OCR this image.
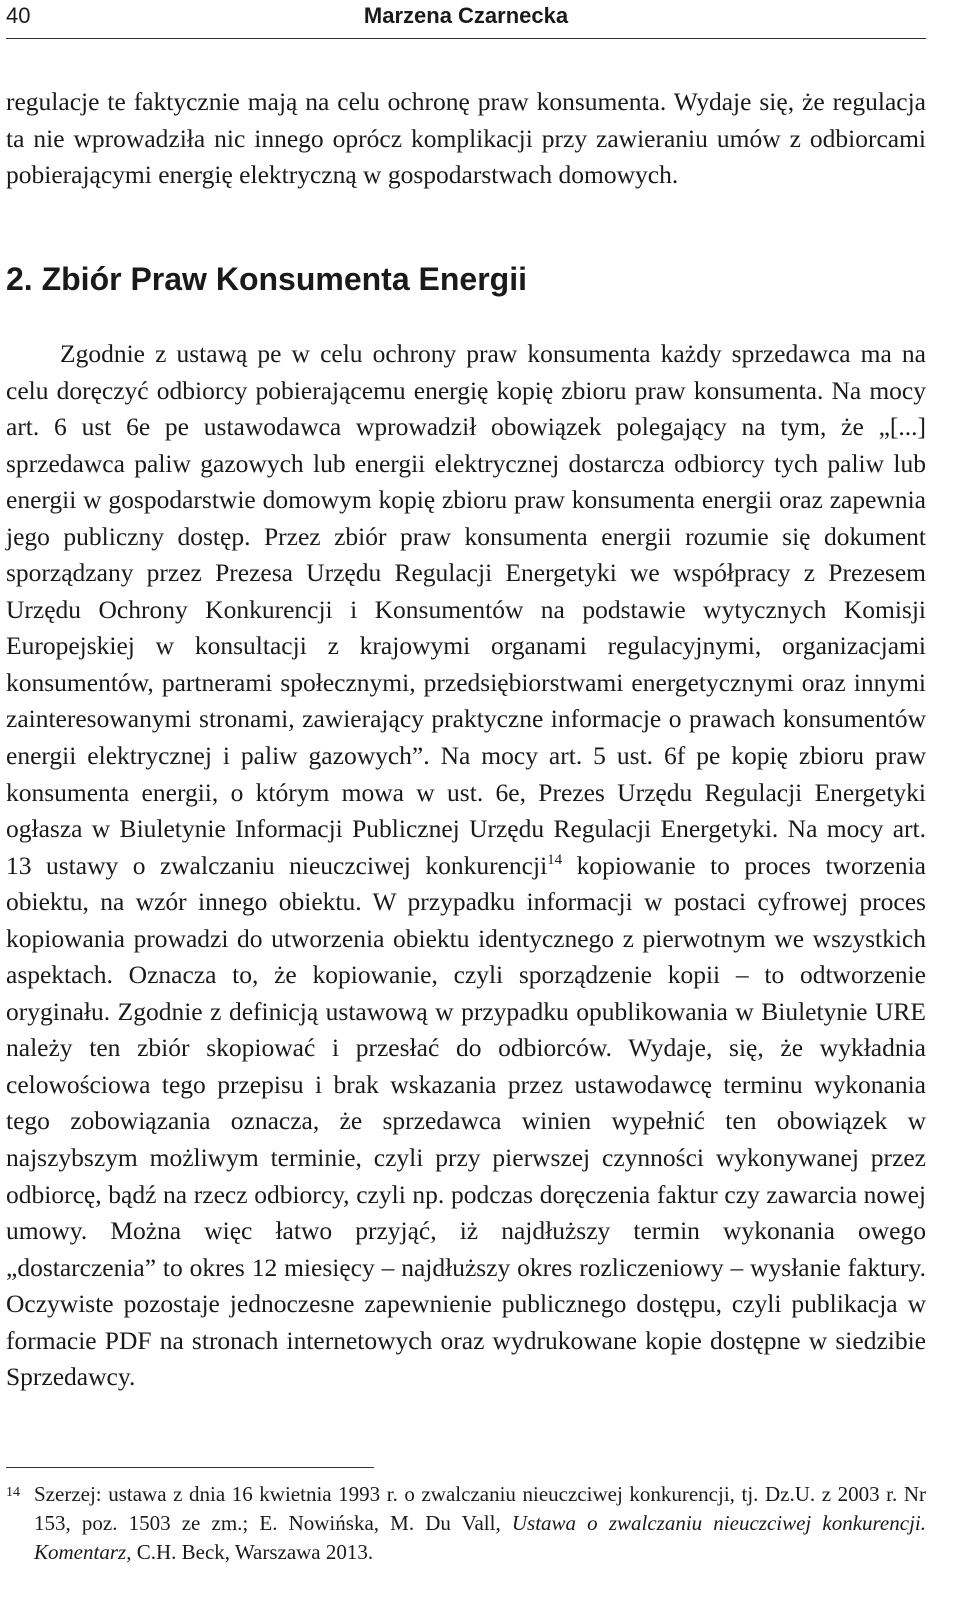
40	Marzena Czarnecka

regulacje te faktycznie mają na celu ochronę praw konsumenta. Wydaje się, że regulacja ta nie wprowadziła nic innego oprócz komplikacji przy zawieraniu umów z odbiorcami pobierającymi energię elektryczną w gospodarstwach domowych.

2. Zbiór Praw Konsumenta Energii

Zgodnie z ustawą pe w celu ochrony praw konsumenta każdy sprzedawca ma na celu doręczyć odbiorcy pobierającemu energię kopię zbioru praw konsumenta. Na mocy art. 6 ust 6e pe ustawodawca wprowadził obowiązek polegający na tym, że „[...] sprzedawca paliw gazowych lub energii elektrycznej dostarcza odbiorcy tych paliw lub energii w gospodarstwie domowym kopię zbioru praw konsumenta energii oraz zapewnia jego publiczny dostęp. Przez zbiór praw konsumenta energii rozumie się dokument sporządzany przez Prezesa Urzędu Regulacji Energetyki we współpracy z Prezesem Urzędu Ochrony Konkurencji i Konsumentów na podstawie wytycznych Komisji Europejskiej w konsultacji z krajowymi organami regulacyjnymi, organizacjami konsumentów, partnerami społecznymi, przedsiębiorstwami energetycznymi oraz innymi zainteresowanymi stronami, zawierający praktyczne informacje o prawach konsumentów energii elektrycznej i paliw gazowych”. Na mocy art. 5 ust. 6f pe kopię zbioru praw konsumenta energii, o którym mowa w ust. 6e, Prezes Urzędu Regulacji Energetyki ogłasza w Biuletynie Informacji Publicznej Urzędu Regulacji Energetyki. Na mocy art. 13 ustawy o zwalczaniu nieuczciwej konkurencji$^{14}$ kopiowanie to proces tworzenia obiektu, na wzór innego obiektu. W przypadku informacji w postaci cyfrowej proces kopiowania prowadzi do utworzenia obiektu identycznego z pierwotnym we wszystkich aspektach. Oznacza to, że kopiowanie, czyli sporządzenie kopii – to odtworzenie oryginału. Zgodnie z definicją ustawową w przypadku opublikowania w Biuletynie URE należy ten zbiór skopiować i przesłać do odbiorców. Wydaje, się, że wykładnia celowościowa tego przepisu i brak wskazania przez ustawodawcę terminu wykonania tego zobowiązania oznacza, że sprzedawca winien wypełnić ten obowiązek w najszybszym możliwym terminie, czyli przy pierwszej czynności wykonywanej przez odbiorcę, bądź na rzecz odbiorcy, czyli np. podczas doręczenia faktur czy zawarcia nowej umowy. Można więc łatwo przyjąć, iż najdłuższy termin wykonania owego „dostarczenia” to okres 12 miesięcy – najdłuższy okres rozliczeniowy – wysłanie faktury. Oczywiste pozostaje jednoczesne zapewnienie publicznego dostępu, czyli publikacja w formacie PDF na stronach internetowych oraz wydrukowane kopie dostępne w siedzibie Sprzedawcy.

14 Szerzej: ustawa z dnia 16 kwietnia 1993 r. o zwalczaniu nieuczciwej konkurencji, tj. Dz.U. z 2003 r. Nr 153, poz. 1503 ze zm.; E. Nowińska, M. Du Vall, Ustawa o zwalczaniu nieuczciwej konkurencji. Komentarz, C.H. Beck, Warszawa 2013.
